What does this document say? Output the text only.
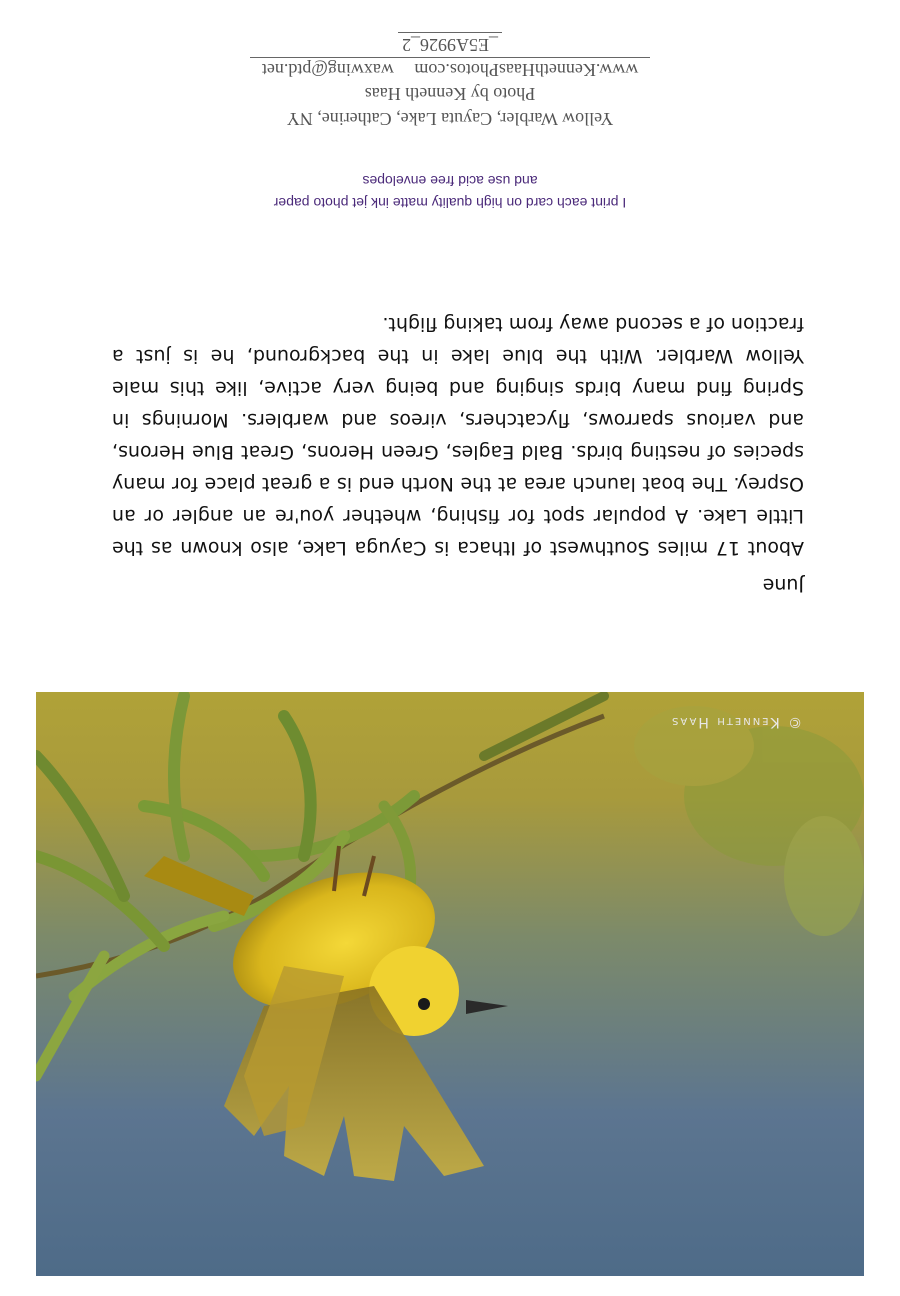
© Kenneth Haas
June

About 17 miles Southwest of Ithaca is Cayuga Lake, also known as the Little Lake. A popular spot for fishing, whether you're an angler or an Osprey. The boat launch area at the North end is a great place for many species of nesting birds. Bald Eagles, Green Herons, Great Blue Herons, and various sparrows, flycatchers, vireos and warblers. Mornings in Spring find many birds singing and being very active, like this male Yellow Warbler. With the blue lake in the background, he is just a fraction of a second away from taking flight.

I print each card on high quality matte ink jet photo paper
and use acid free envelopes
Yellow Warbler, Cayuta Lake, Catherine, NY
Photo by Kenneth Haas
www.KennethHaasPhotos.com waxwing@ptd.net
_E5A9926_2
